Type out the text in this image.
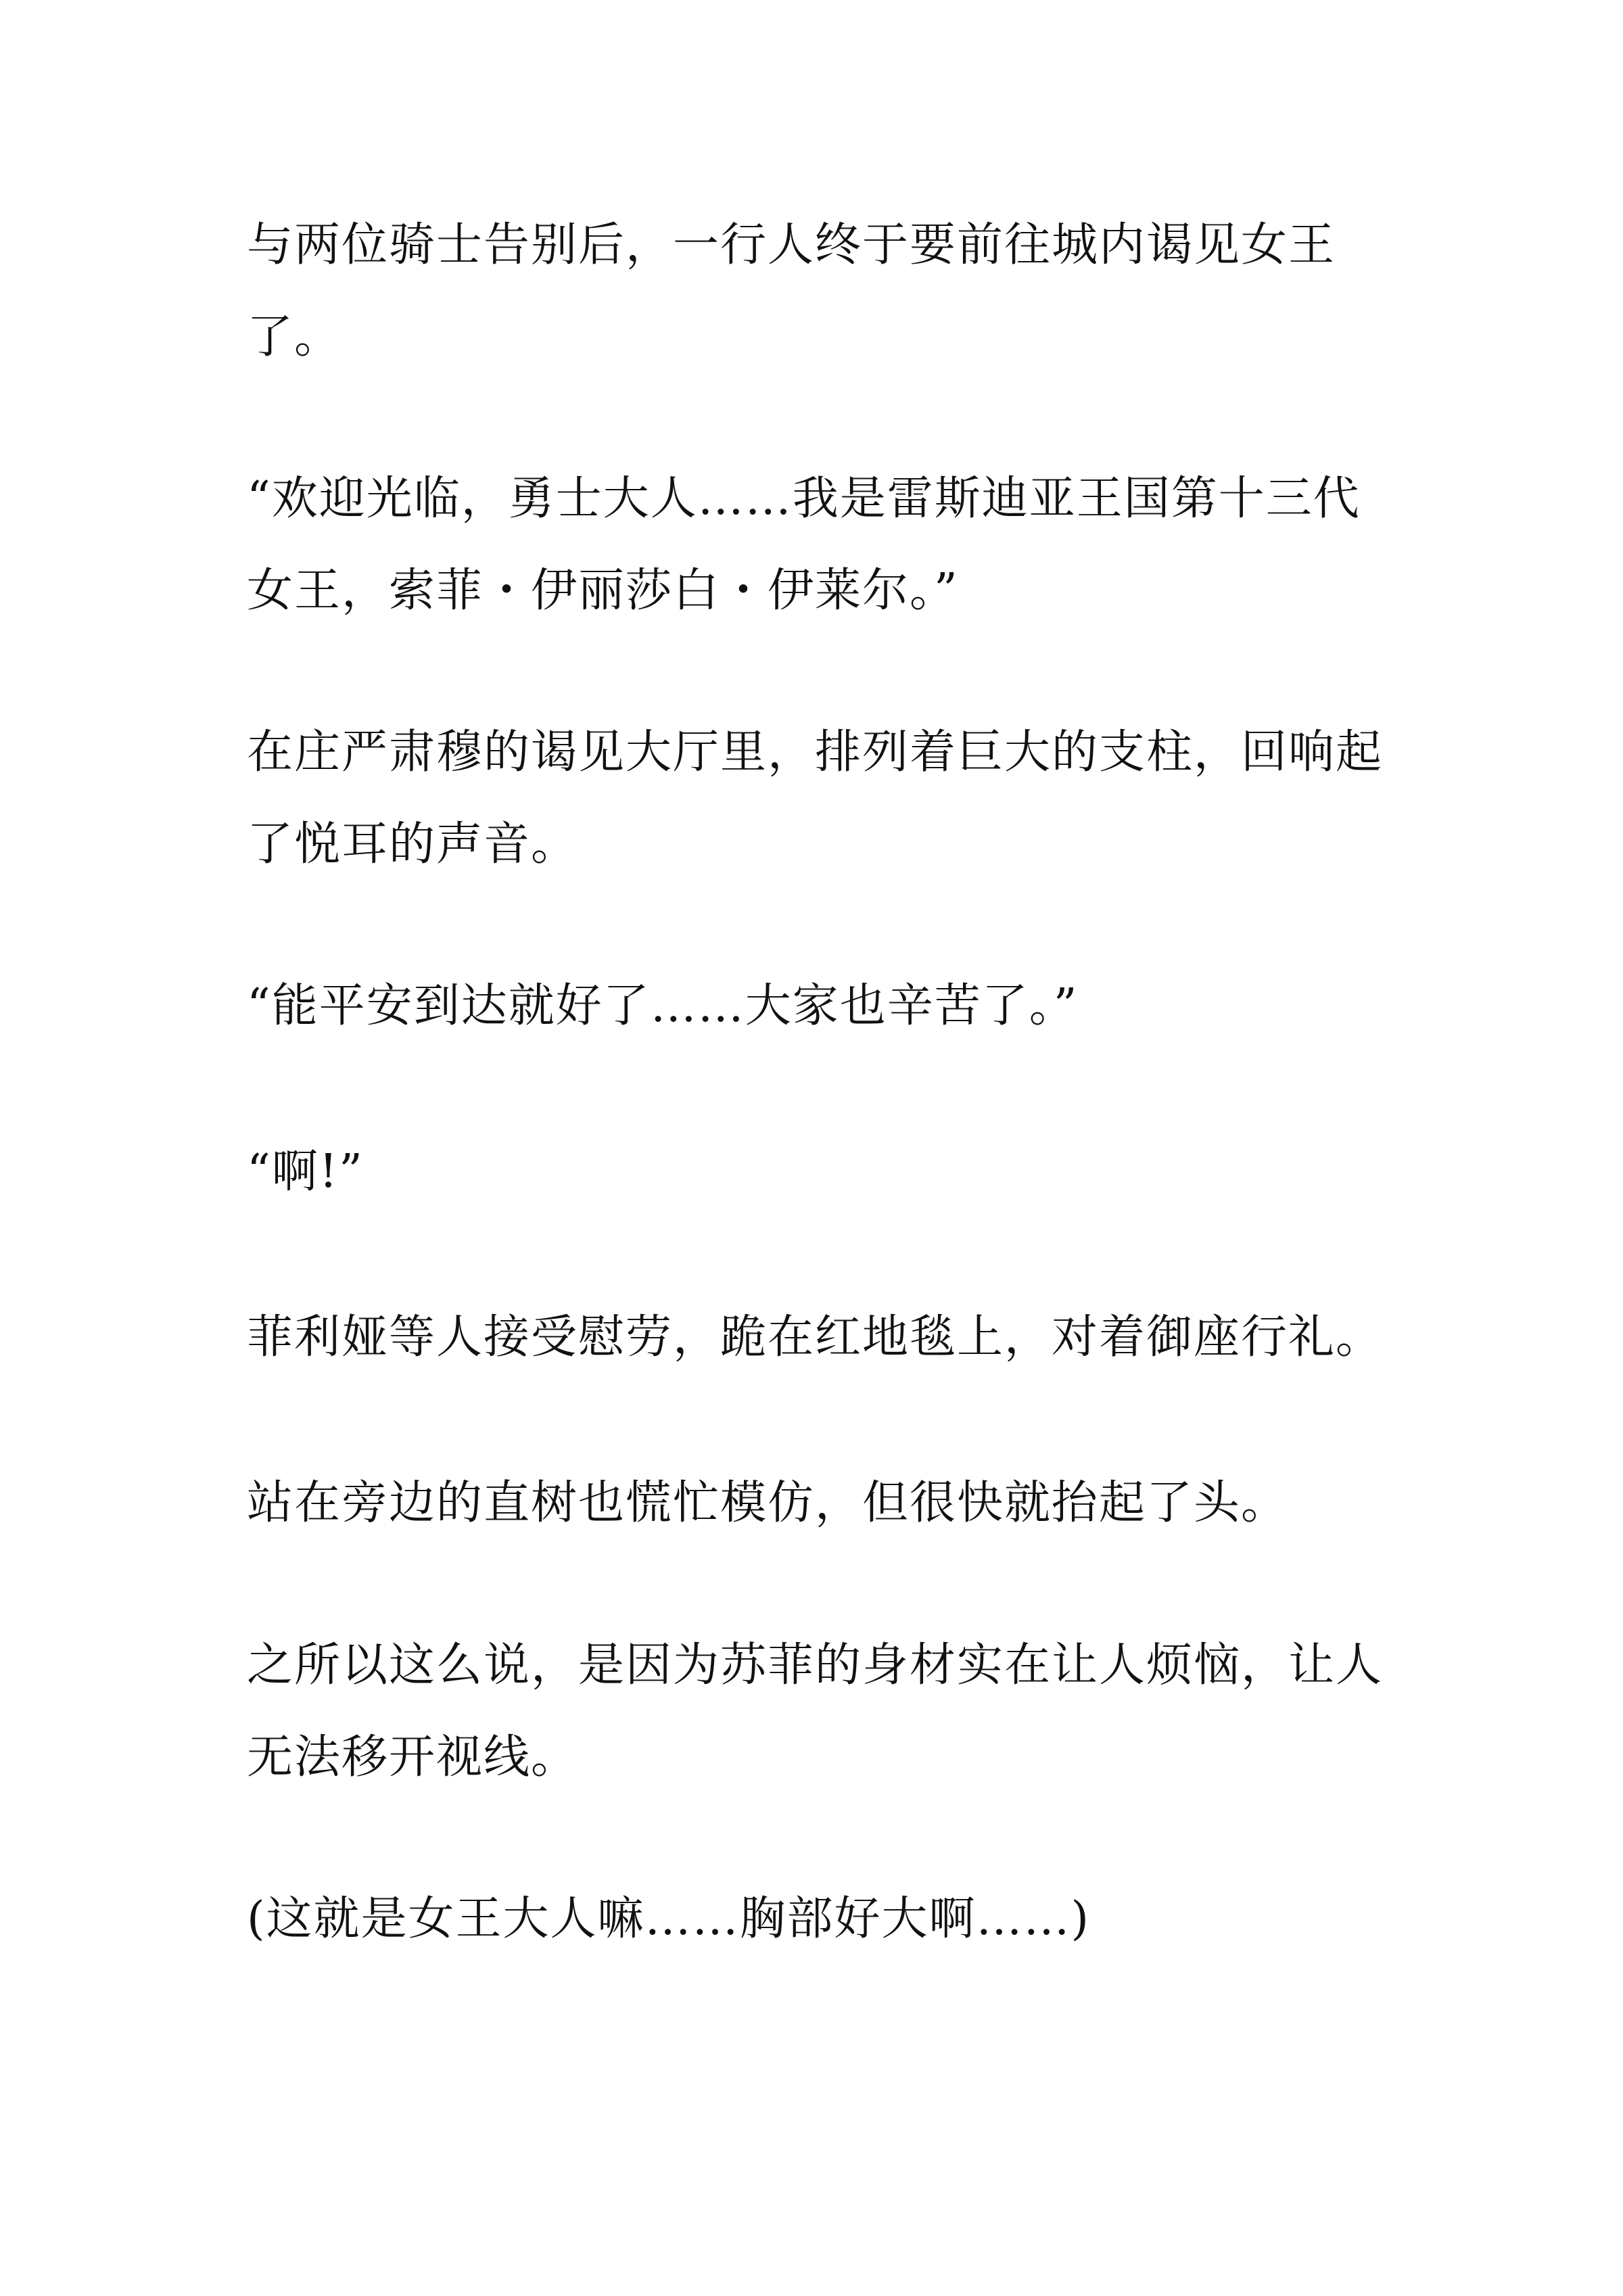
与两位骑士告别后，一行人终于要前往城内谒见女王了。

“欢迎光临，勇士大人……我是雷斯迪亚王国第十三代女王，索菲・伊丽莎白・伊莱尔。”

在庄严肃穆的谒见大厅里，排列着巨大的支柱，回响起了悦耳的声音。

“能平安到达就好了……大家也辛苦了。”

“啊!”

菲利娅等人接受慰劳，跪在红地毯上，对着御座行礼。

站在旁边的直树也慌忙模仿，但很快就抬起了头。

之所以这么说，是因为苏菲的身材实在让人烦恼，让人无法移开视线。

(这就是女王大人嘛……胸部好大啊……)
